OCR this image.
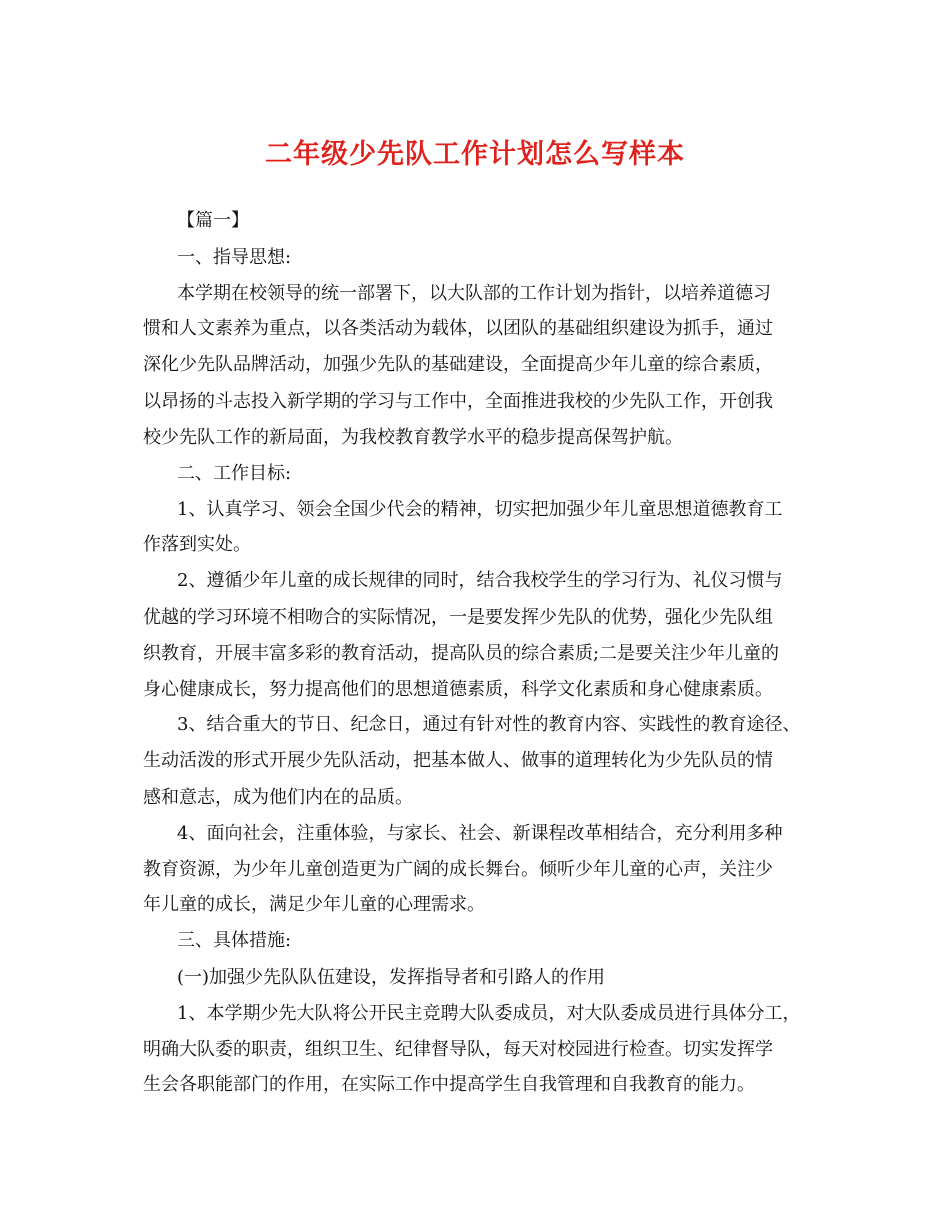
二年级少先队工作计划怎么写样本
【篇一】
一、指导思想:
本学期在校领导的统一部署下，以大队部的工作计划为指针，以培养道德习
惯和人文素养为重点，以各类活动为载体，以团队的基础组织建设为抓手，通过
深化少先队品牌活动，加强少先队的基础建设，全面提高少年儿童的综合素质，
以昂扬的斗志投入新学期的学习与工作中，全面推进我校的少先队工作，开创我
校少先队工作的新局面，为我校教育教学水平的稳步提高保驾护航。
二、工作目标:
1、认真学习、领会全国少代会的精神，切实把加强少年儿童思想道德教育工
作落到实处。
2、遵循少年儿童的成长规律的同时，结合我校学生的学习行为、礼仪习惯与
优越的学习环境不相吻合的实际情况，一是要发挥少先队的优势，强化少先队组
织教育，开展丰富多彩的教育活动，提高队员的综合素质;二是要关注少年儿童的
身心健康成长，努力提高他们的思想道德素质，科学文化素质和身心健康素质。
3、结合重大的节日、纪念日，通过有针对性的教育内容、实践性的教育途径、
生动活泼的形式开展少先队活动，把基本做人、做事的道理转化为少先队员的情
感和意志，成为他们内在的品质。
4、面向社会，注重体验，与家长、社会、新课程改革相结合，充分利用多种
教育资源，为少年儿童创造更为广阔的成长舞台。倾听少年儿童的心声，关注少
年儿童的成长，满足少年儿童的心理需求。
三、具体措施:
(一)加强少先队队伍建设，发挥指导者和引路人的作用
1、本学期少先大队将公开民主竞聘大队委成员，对大队委成员进行具体分工，
明确大队委的职责，组织卫生、纪律督导队，每天对校园进行检查。切实发挥学
生会各职能部门的作用，在实际工作中提高学生自我管理和自我教育的能力。
